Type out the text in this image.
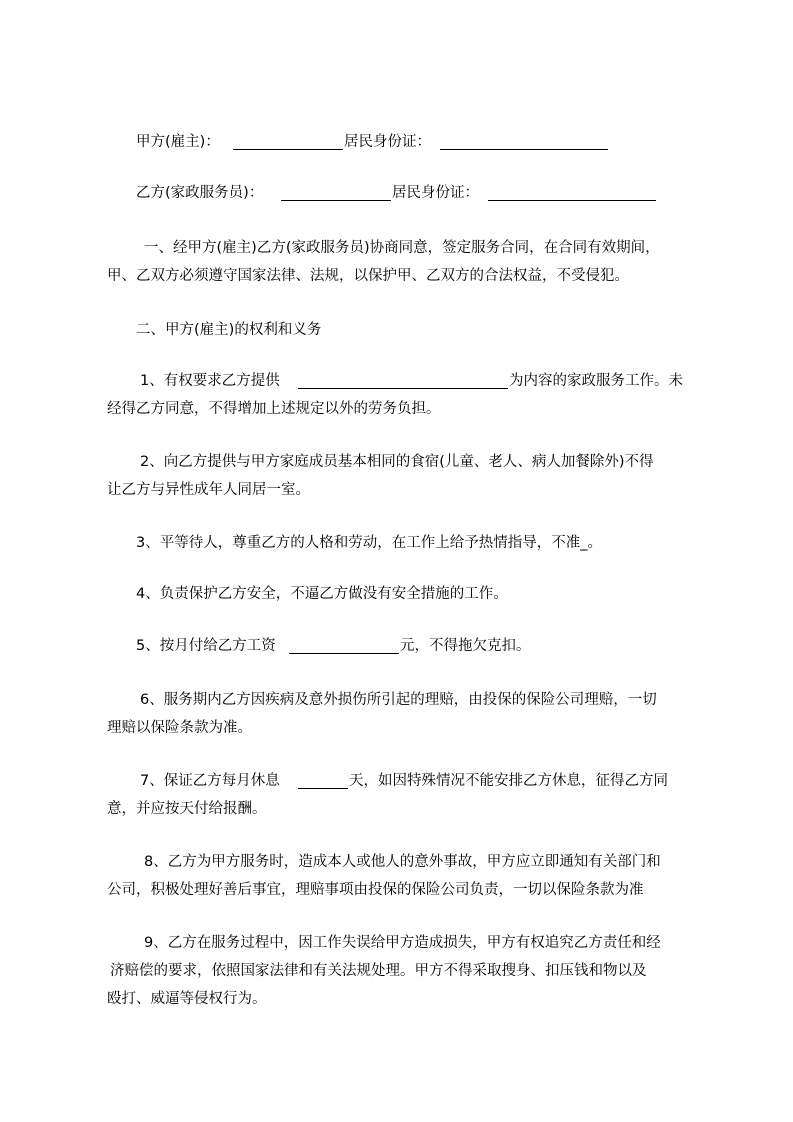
甲方(雇主)：	居民身份证：
乙方(家政服务员)：	居民身份证：
一、经甲方(雇主)乙方(家政服务员)协商同意，签定服务合同，在合同有效期间，
甲、乙双方必须遵守国家法律、法规，以保护甲、乙双方的合法权益，不受侵犯。
二、甲方(雇主)的权利和义务
1、有权要求乙方提供	为内容的家政服务工作。未
经得乙方同意，不得增加上述规定以外的劳务负担。
2、向乙方提供与甲方家庭成员基本相同的食宿(儿童、老人、病人加餐除外)不得
让乙方与异性成年人同居一室。
3、平等待人，尊重乙方的人格和劳动，在工作上给予热情指导，不准_。
4、负责保护乙方安全，不逼乙方做没有安全措施的工作。
5、按月付给乙方工资	元，不得拖欠克扣。
6、服务期内乙方因疾病及意外损伤所引起的理赔，由投保的保险公司理赔，一切
理赔以保险条款为准。
7、保证乙方每月休息	天，如因特殊情况不能安排乙方休息，征得乙方同
意，并应按天付给报酬。
8、乙方为甲方服务时，造成本人或他人的意外事故，甲方应立即通知有关部门和
公司，积极处理好善后事宜，理赔事项由投保的保险公司负责，一切以保险条款为准
9、乙方在服务过程中，因工作失误给甲方造成损失，甲方有权追究乙方责任和经
济赔偿的要求，依照国家法律和有关法规处理。甲方不得采取搜身、扣压钱和物以及
殴打、威逼等侵权行为。
